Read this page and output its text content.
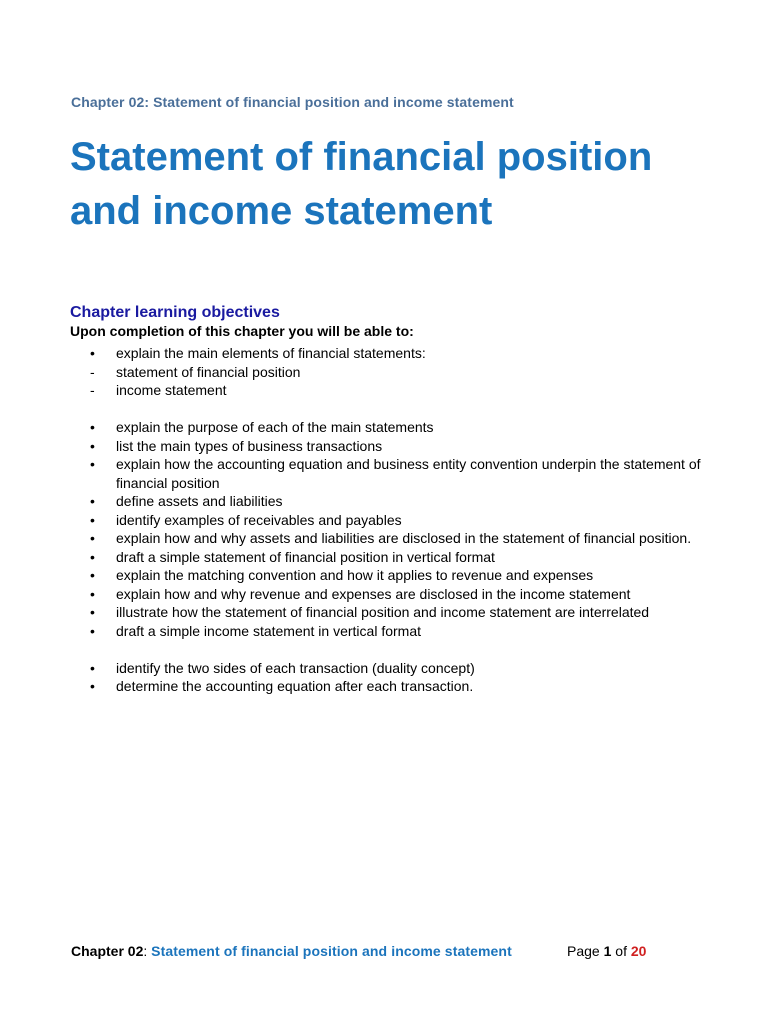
Chapter 02: Statement of financial position and income statement
Statement of financial position and income statement
Chapter learning objectives

Upon completion of this chapter you will be able to:

•	explain the main elements of financial statements:
-	statement of financial position
-	income statement
•	explain the purpose of each of the main statements
•	list the main types of business transactions
•	explain how the accounting equation and business entity convention underpin the statement of financial position
•	define assets and liabilities
•	identify examples of receivables and payables
•	explain how and why assets and liabilities are disclosed in the statement of financial position.
•	draft a simple statement of financial position in vertical format
•	explain the matching convention and how it applies to revenue and expenses
•	explain how and why revenue and expenses are disclosed in the income statement
•	illustrate how the statement of financial position and income statement are interrelated
•	draft a simple income statement in vertical format
•	identify the two sides of each transaction (duality concept)
•	determine the accounting equation after each transaction.
Chapter 02: Statement of financial position and income statement	Page 1 of 20
